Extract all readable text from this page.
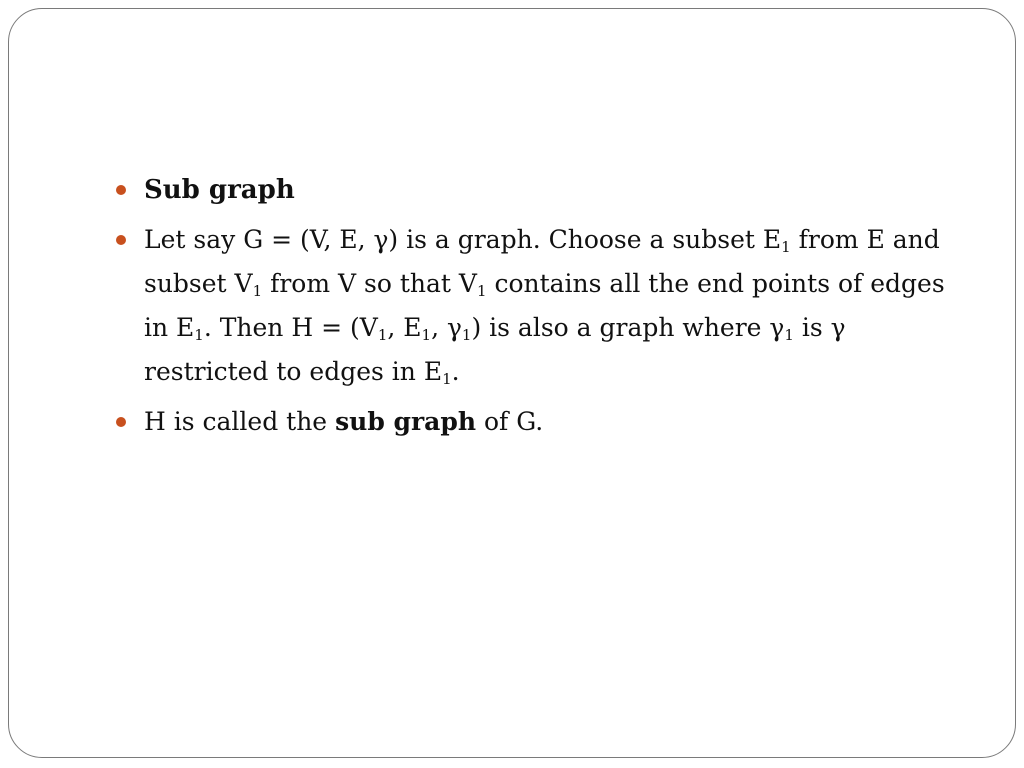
Sub graph
Let say G = (V, E, γ) is a graph. Choose a subset $E_1$ from E and subset $V_1$ from V so that $V_1$ contains all the end points of edges in $E_1$. Then $H = (V_1$, $E_1$, $\gamma_1$) is also a graph where $\gamma_1$ is γ restricted to edges in $E_1$.
H is called the sub graph of G.
